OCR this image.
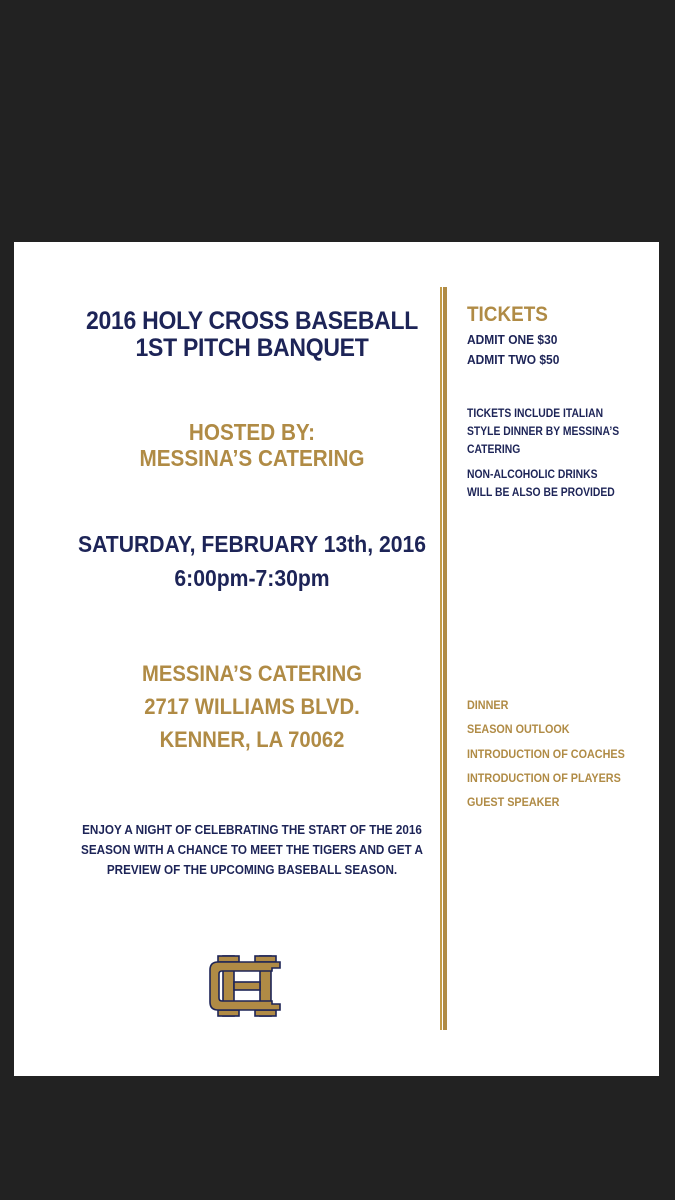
2016 HOLY CROSS BASEBALL
1ST PITCH BANQUET
HOSTED BY:
MESSINA’S CATERING
SATURDAY, FEBRUARY 13th, 2016
6:00pm-7:30pm
MESSINA’S CATERING
2717 WILLIAMS BLVD.
KENNER, LA 70062
ENJOY A NIGHT OF CELEBRATING THE START OF THE 2016
SEASON WITH A CHANCE TO MEET THE TIGERS AND GET A
PREVIEW OF THE UPCOMING BASEBALL SEASON.
TICKETS
ADMIT ONE $30
ADMIT TWO $50
TICKETS INCLUDE ITALIAN
STYLE DINNER BY MESSINA’S
CATERING
NON-ALCOHOLIC DRINKS
WILL BE ALSO BE PROVIDED
DINNER
SEASON OUTLOOK
INTRODUCTION OF COACHES
INTRODUCTION OF PLAYERS
GUEST SPEAKER
